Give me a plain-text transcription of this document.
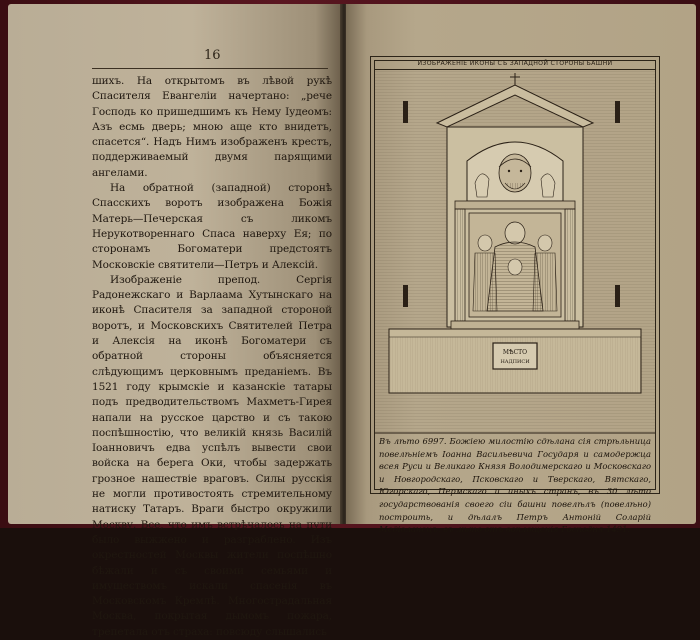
16

шихъ. На открытомъ въ лѣвой рукѣ Спасителя Евангеліи начертано: „рече Господь ко пришедшимъ къ Нему Іудеомъ: Азъ есмь дверь; мною аще кто внидетъ, спасется“. Надъ Нимъ изображенъ крестъ, поддерживаемый двумя парящими ангелами.

На обратной (западной) сторонѣ Спасскихъ воротъ изображена Божія Матерь—Печерская съ ликомъ Нерукотвореннаго Спаса наверху Ея; по сторонамъ Богоматери предстоятъ Московскіе святители—Петръ и Алексій.

Изображеніе препод. Сергія Радонежскаго и Варлаама Хутынскаго на иконѣ Спасителя за западной стороной воротъ, и Московскихъ Святителей Петра и Алексія на иконѣ Богоматери съ обратной стороны объясняется слѣдующимъ церковнымъ преданіемъ. Въ 1521 году крымскіе и казанскіе татары подъ предводительствомъ Махметъ-Гирея напали на русское царство и съ такою поспѣшностію, что великій князь Василій Іоанновичъ едва успѣлъ вывести свои войска на берега Оки, чтобы задержать грозное нашествіе враговъ. Силы русскія не могли противостоять стремительному натиску Татаръ. Враги быстро окружили Москву. Все, что имъ встрѣчалось на пути было выжжено и разграблено. Изъ окрестностей Москвы жители поспѣшно бѣжали и съ своими семьями и имуществомъ искали спасенія въ Московскомъ Кремлѣ. Многострадальная Москва, покрытая дымомъ пожара, трепетала отъ страха: повсюду слышались

ИЗОБРАЖЕНІЕ ИКОНЫ СЪ ЗАПАДНОЙ СТОРОНЫ БАШНИ
МѢСТО
НАДПИСИ
Въ лѣто 6997. Божіею милостію сдѣлана сія стрѣльница повелѣніемъ Іоанна Васильевича Государя и самодержца всея Руси и Великаго Князя Володимерскаго и Московскаго и Новгородскаго, Псковскаго и Тверскаго, Вятскаго, Югорскаго, Пермскаго и иныхъ странъ, въ 30 лѣто государствованія своего сіи башни повелѣлъ (повелѣно) построить, и дѣлалъ Петръ Антоній Соларій Медіоланецъ, въ лѣто отъ воплощенія Господня 1491.
